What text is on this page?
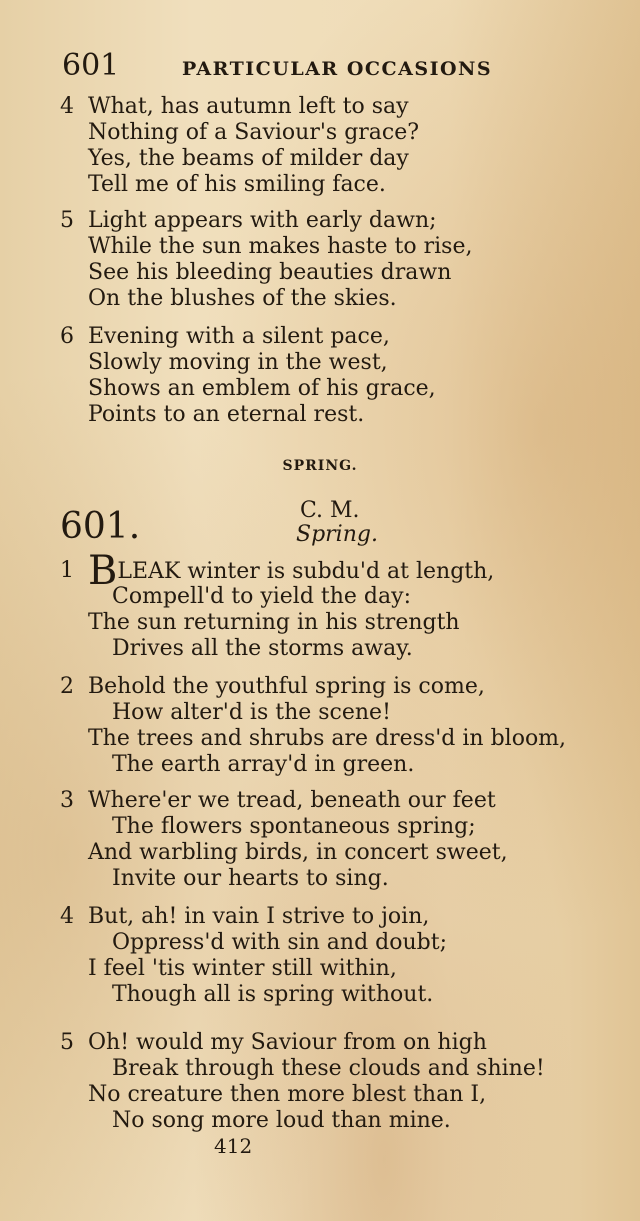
601	PARTICULAR OCCASIONS
4 What, has autumn left to say
Nothing of a Saviour's grace?
Yes, the beams of milder day
Tell me of his smiling face.
5 Light appears with early dawn;
While the sun makes haste to rise,
See his bleeding beauties drawn
On the blushes of the skies.
6 Evening with a silent pace,
Slowly moving in the west,
Shows an emblem of his grace,
Points to an eternal rest.
SPRING.
601.	C. M.
Spring.
1 BLEAK winter is subdu'd at length,
Compell'd to yield the day:
The sun returning in his strength
Drives all the storms away.
2 Behold the youthful spring is come,
How alter'd is the scene!
The trees and shrubs are dress'd in bloom,
The earth array'd in green.
3 Where'er we tread, beneath our feet
The flowers spontaneous spring;
And warbling birds, in concert sweet,
Invite our hearts to sing.
4 But, ah! in vain I strive to join,
Oppress'd with sin and doubt;
I feel 'tis winter still within,
Though all is spring without.
5 Oh! would my Saviour from on high
Break through these clouds and shine!
No creature then more blest than I,
No song more loud than mine.
412
